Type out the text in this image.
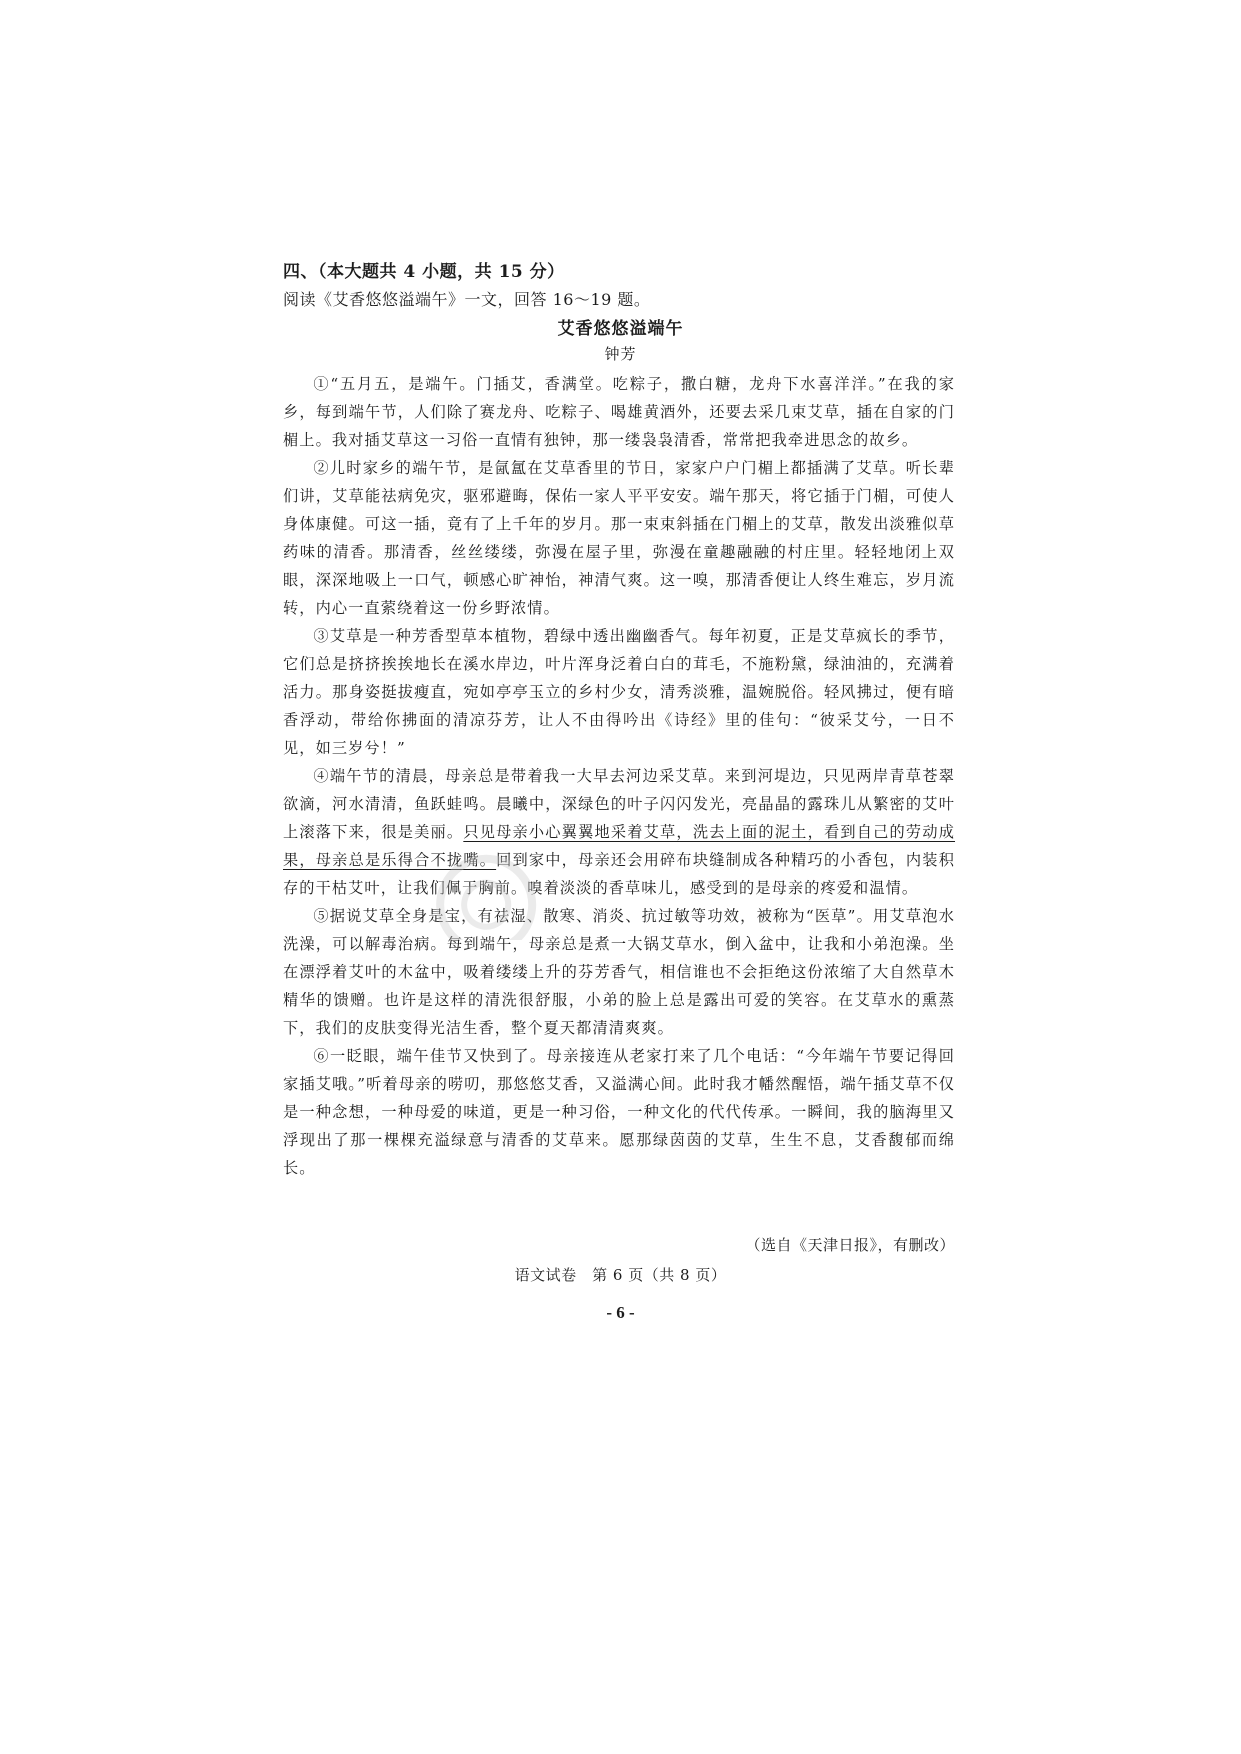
四、（本大题共 4 小题，共 15 分）
阅读《艾香悠悠溢端午》一文，回答 16～19 题。
艾香悠悠溢端午
钟芳

①“五月五，是端午。门插艾，香满堂。吃粽子，撒白糖，龙舟下水喜洋洋。”在我的家乡，每到端午节，人们除了赛龙舟、吃粽子、喝雄黄酒外，还要去采几束艾草，插在自家的门楣上。我对插艾草这一习俗一直情有独钟，那一缕袅袅清香，常常把我牵进思念的故乡。

②儿时家乡的端午节，是氤氲在艾草香里的节日，家家户户门楣上都插满了艾草。听长辈们讲，艾草能祛病免灾，驱邪避晦，保佑一家人平平安安。端午那天，将它插于门楣，可使人身体康健。可这一插，竟有了上千年的岁月。那一束束斜插在门楣上的艾草，散发出淡雅似草药味的清香。那清香，丝丝缕缕，弥漫在屋子里，弥漫在童趣融融的村庄里。轻轻地闭上双眼，深深地吸上一口气，顿感心旷神怡，神清气爽。这一嗅，那清香便让人终生难忘，岁月流转，内心一直萦绕着这一份乡野浓情。

③艾草是一种芳香型草本植物，碧绿中透出幽幽香气。每年初夏，正是艾草疯长的季节，它们总是挤挤挨挨地长在溪水岸边，叶片浑身泛着白白的茸毛，不施粉黛，绿油油的，充满着活力。那身姿挺拔瘦直，宛如亭亭玉立的乡村少女，清秀淡雅，温婉脱俗。轻风拂过，便有暗香浮动，带给你拂面的清凉芬芳，让人不由得吟出《诗经》里的佳句：“彼采艾兮，一日不见，如三岁兮！”

④端午节的清晨，母亲总是带着我一大早去河边采艾草。来到河堤边，只见两岸青草苍翠欲滴，河水清清，鱼跃蛙鸣。晨曦中，深绿色的叶子闪闪发光，亮晶晶的露珠儿从繁密的艾叶上滚落下来，很是美丽。只见母亲小心翼翼地采着艾草，洗去上面的泥土，看到自己的劳动成果，母亲总是乐得合不拢嘴。回到家中，母亲还会用碎布块缝制成各种精巧的小香包，内装积存的干枯艾叶，让我们佩于胸前。嗅着淡淡的香草味儿，感受到的是母亲的疼爱和温情。

⑤据说艾草全身是宝，有祛湿、散寒、消炎、抗过敏等功效，被称为“医草”。用艾草泡水洗澡，可以解毒治病。每到端午，母亲总是煮一大锅艾草水，倒入盆中，让我和小弟泡澡。坐在漂浮着艾叶的木盆中，吸着缕缕上升的芬芳香气，相信谁也不会拒绝这份浓缩了大自然草木精华的馈赠。也许是这样的清洗很舒服，小弟的脸上总是露出可爱的笑容。在艾草水的熏蒸下，我们的皮肤变得光洁生香，整个夏天都清清爽爽。

⑥一眨眼，端午佳节又快到了。母亲接连从老家打来了几个电话：“今年端午节要记得回家插艾哦。”听着母亲的唠叨，那悠悠艾香，又溢满心间。此时我才幡然醒悟，端午插艾草不仅是一种念想，一种母爱的味道，更是一种习俗，一种文化的代代传承。一瞬间，我的脑海里又浮现出了那一棵棵充溢绿意与清香的艾草来。愿那绿茵茵的艾草，生生不息，艾香馥郁而绵长。

（选自《天津日报》，有删改）
语文试卷　第 6 页（共 8 页）
- 6 -
